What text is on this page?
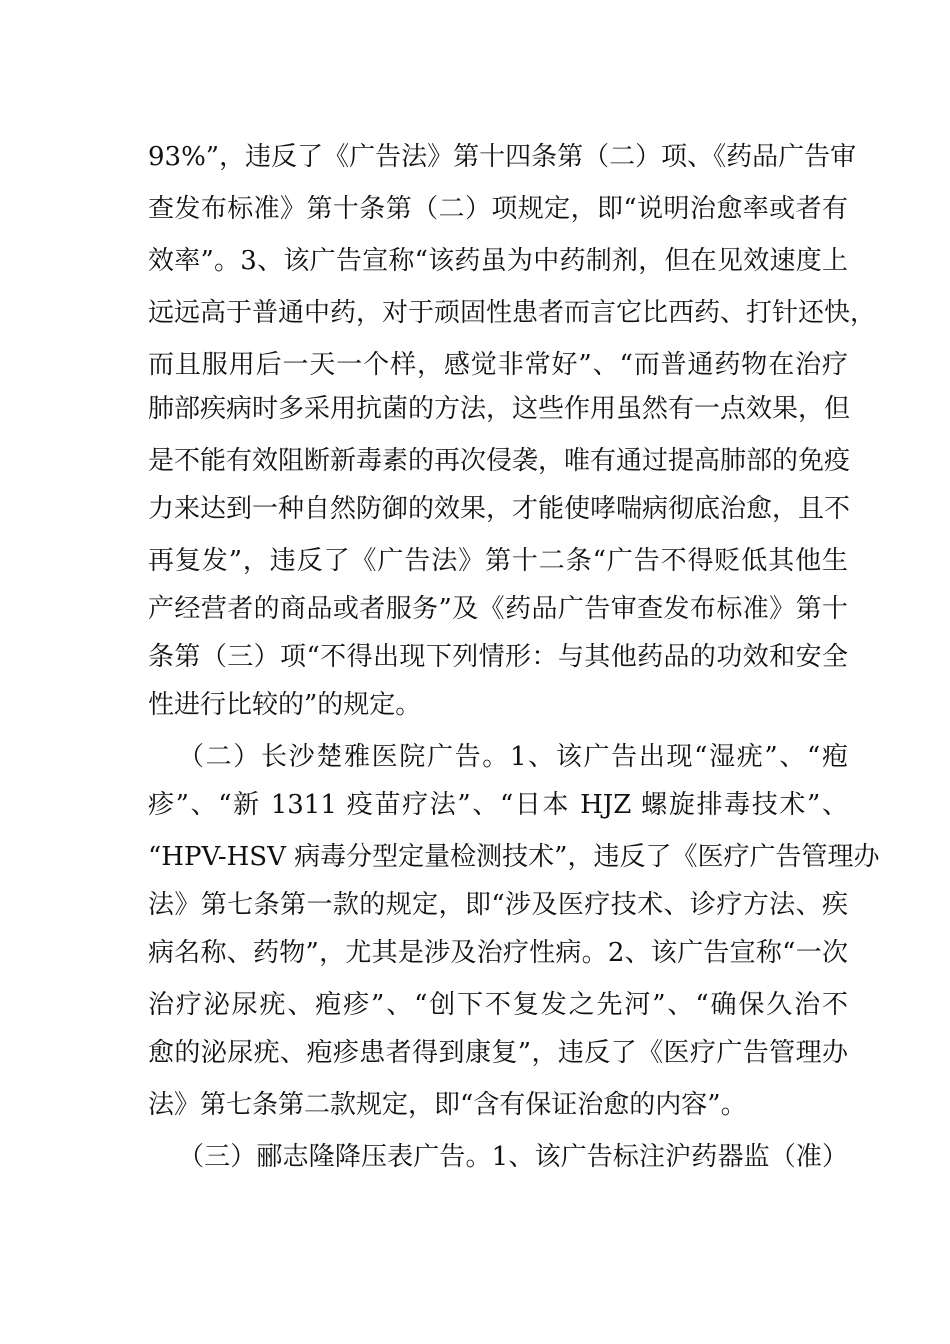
93%”，违反了《广告法》第十四条第（二）项、《药品广告审
查发布标准》第十条第（二）项规定，即“说明治愈率或者有
效率”。3、该广告宣称“该药虽为中药制剂，但在见效速度上
远远高于普通中药，对于顽固性患者而言它比西药、打针还快，
而且服用后一天一个样，感觉非常好”、“而普通药物在治疗
肺部疾病时多采用抗菌的方法，这些作用虽然有一点效果，但
是不能有效阻断新毒素的再次侵袭，唯有通过提高肺部的免疫
力来达到一种自然防御的效果，才能使哮喘病彻底治愈，且不
再复发”，违反了《广告法》第十二条“广告不得贬低其他生
产经营者的商品或者服务”及《药品广告审查发布标准》第十
条第（三）项“不得出现下列情形：与其他药品的功效和安全
性进行比较的”的规定。
（二）长沙楚雅医院广告。1、该广告出现“湿疣”、“疱
疹”、“新 1311 疫苗疗法”、“日本 HJZ 螺旋排毒技术”、
“HPV-HSV 病毒分型定量检测技术”，违反了《医疗广告管理办
法》第七条第一款的规定，即“涉及医疗技术、诊疗方法、疾
病名称、药物”，尤其是涉及治疗性病。2、该广告宣称“一次
治疗泌尿疣、疱疹”、“创下不复发之先河”、“确保久治不
愈的泌尿疣、疱疹患者得到康复”，违反了《医疗广告管理办
法》第七条第二款规定，即“含有保证治愈的内容”。
（三）郦志隆降压表广告。1、该广告标注沪药器监（准）
